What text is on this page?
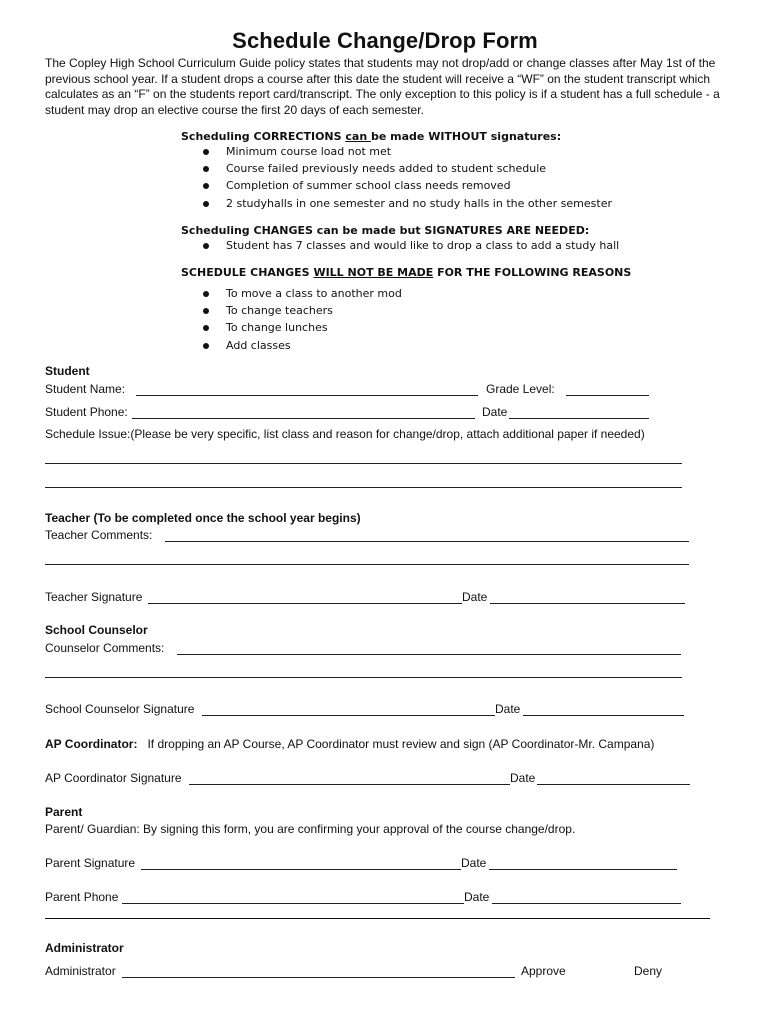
Schedule Change/Drop Form
The Copley High School Curriculum Guide policy states that students may not drop/add or change classes after May 1st of the previous school year. If a student drops a course after this date the student will receive a “WF” on the student transcript which calculates as an “F” on the students report card/transcript. The only exception to this policy is if a student has a full schedule - a student may drop an elective course the first 20 days of each semester.
Scheduling CORRECTIONS can be made WITHOUT signatures:
Minimum course load not met
Course failed previously needs added to student schedule
Completion of summer school class needs removed
2 studyhalls in one semester and no study halls in the other semester
Scheduling CHANGES can be made but SIGNATURES ARE NEEDED:
Student has 7 classes and would like to drop a class to add a study hall
SCHEDULE CHANGES WILL NOT BE MADE FOR THE FOLLOWING REASONS
To move a class to another mod
To change teachers
To change lunches
Add classes
Student
Student Name:	Grade Level:
Student Phone:	Date
Schedule Issue:(Please be very specific, list class and reason for change/drop, attach additional paper if needed)
Teacher (To be completed once the school year begins)
Teacher Comments:
Teacher Signature	Date
School Counselor
Counselor Comments:
School Counselor Signature	Date
AP Coordinator: If dropping an AP Course, AP Coordinator must review and sign (AP Coordinator-Mr. Campana)
AP Coordinator Signature	Date
Parent
Parent/ Guardian: By signing this form, you are confirming your approval of the course change/drop.
Parent Signature	Date
Parent Phone	Date
Administrator
Administrator	Approve	Deny
